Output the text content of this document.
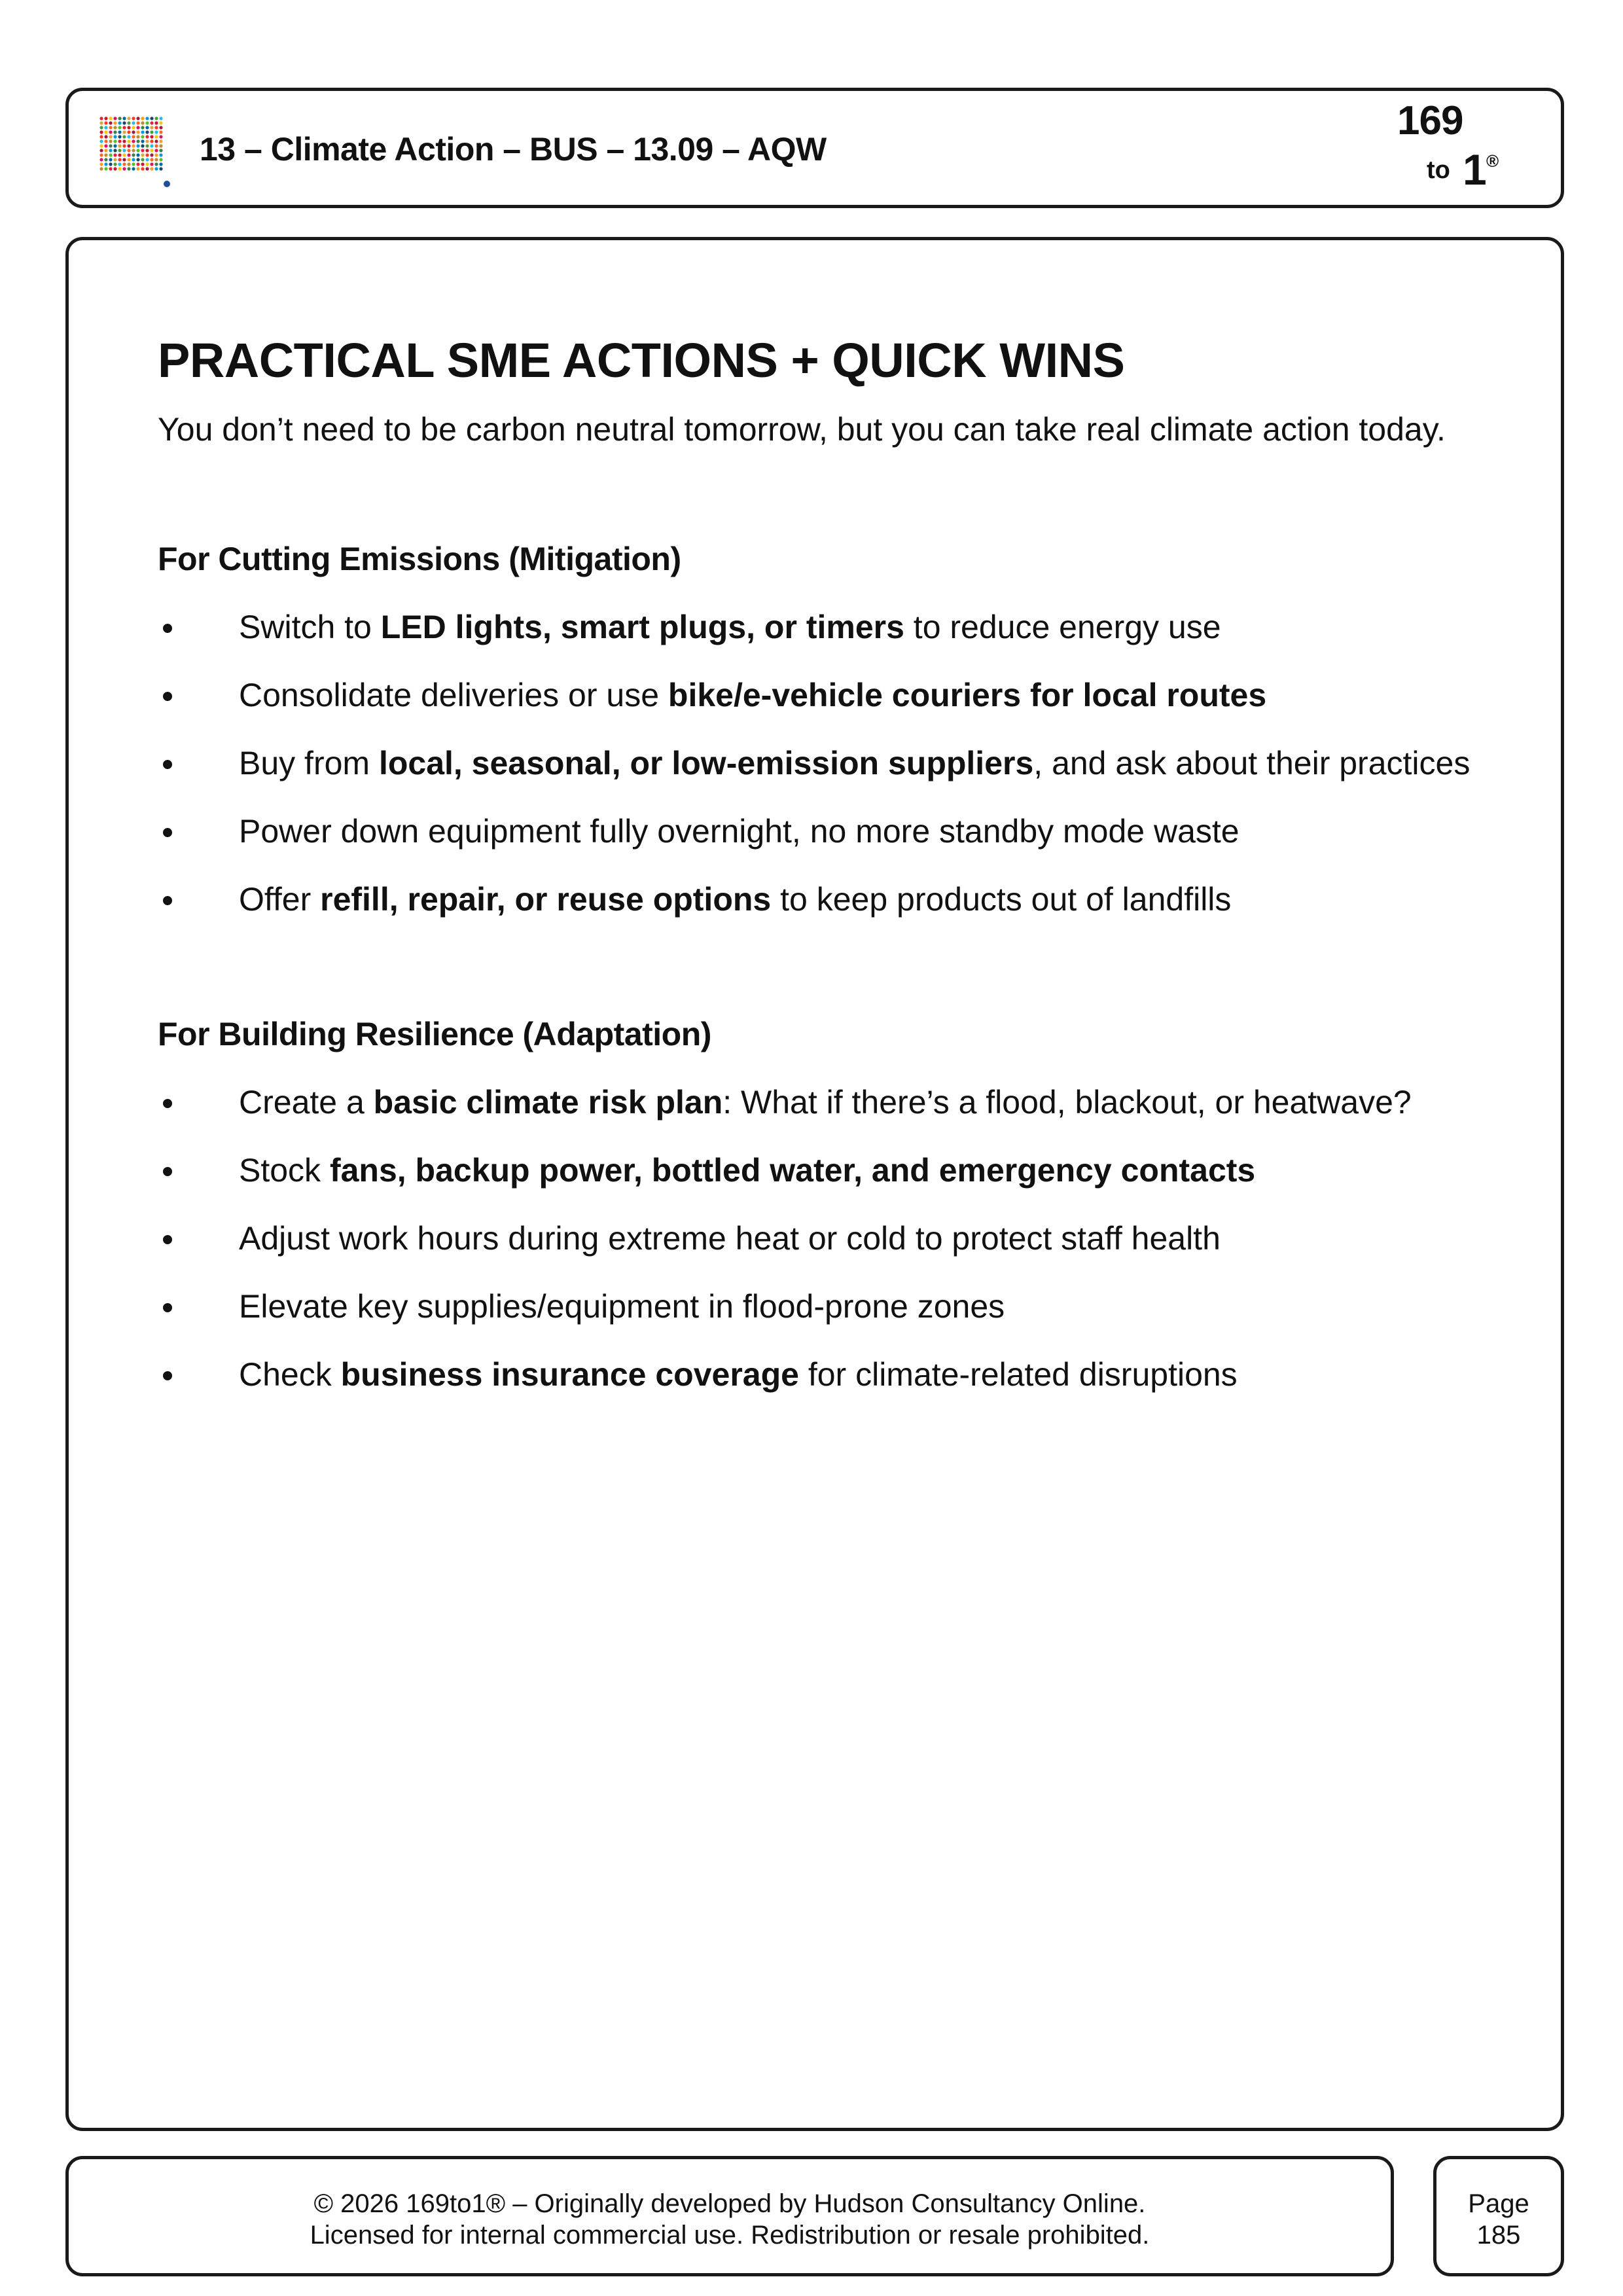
13 – Climate Action – BUS – 13.09 – AQW
169
to 1 ®
PRACTICAL SME ACTIONS + QUICK WINS

You don’t need to be carbon neutral tomorrow, but you can take real climate action today.

For Cutting Emissions (Mitigation)
Switch to LED lights, smart plugs, or timers to reduce energy use
Consolidate deliveries or use bike/e-vehicle couriers for local routes
Buy from local, seasonal, or low-emission suppliers, and ask about their practices
Power down equipment fully overnight, no more standby mode waste
Offer refill, repair, or reuse options to keep products out of landfills
For Building Resilience (Adaptation)
Create a basic climate risk plan: What if there’s a flood, blackout, or heatwave?
Stock fans, backup power, bottled water, and emergency contacts
Adjust work hours during extreme heat or cold to protect staff health
Elevate key supplies/equipment in flood-prone zones
Check business insurance coverage for climate-related disruptions
© 2026 169to1® – Originally developed by Hudson Consultancy Online.
Licensed for internal commercial use. Redistribution or resale prohibited.
Page
185
